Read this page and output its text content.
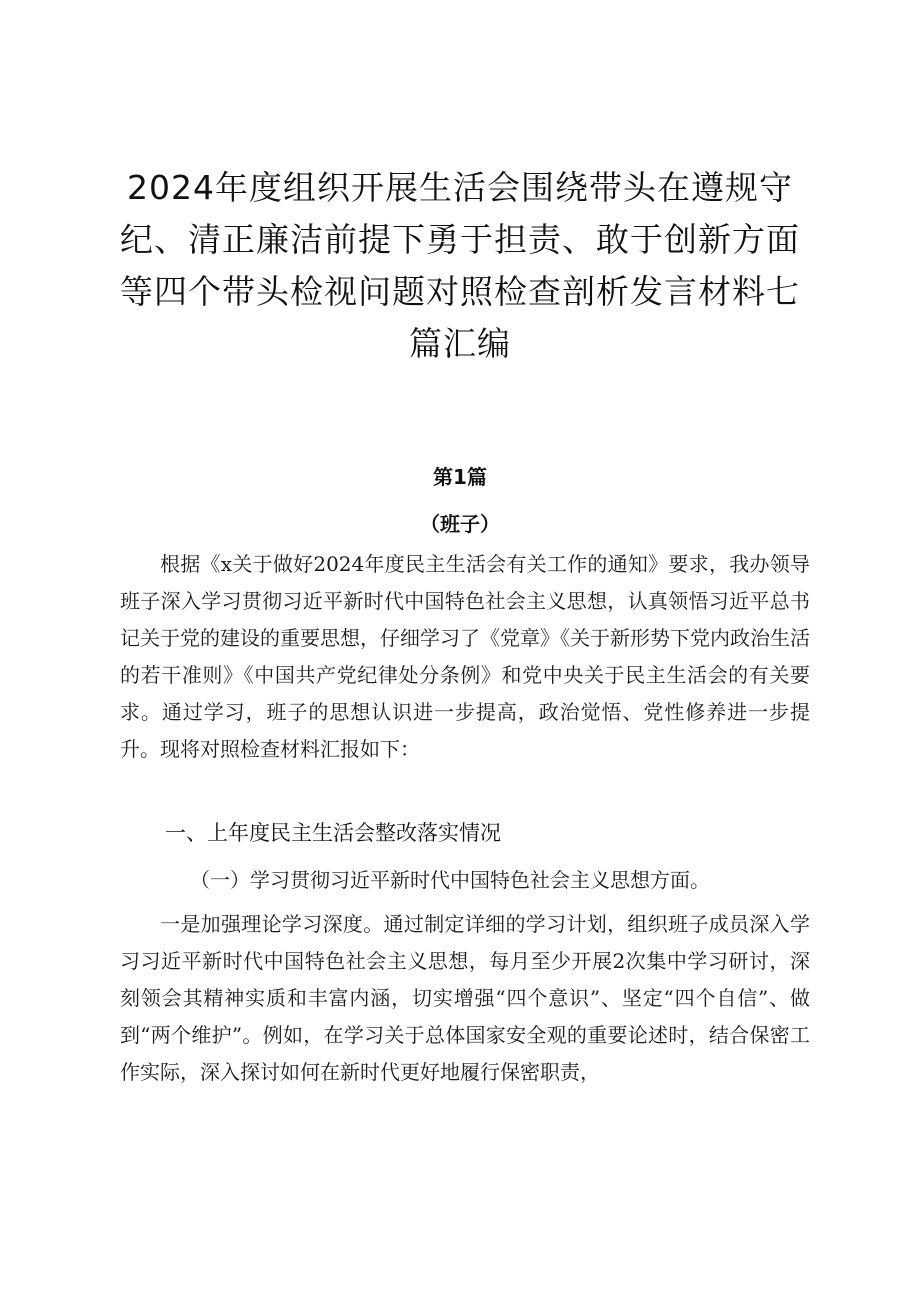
2024年度组织开展生活会围绕带头在遵规守纪、清正廉洁前提下勇于担责、敢于创新方面等四个带头检视问题对照检查剖析发言材料七篇汇编
第1篇
（班子）

根据《x关于做好2024年度民主生活会有关工作的通知》要求，我办领导班子深入学习贯彻习近平新时代中国特色社会主义思想，认真领悟习近平总书记关于党的建设的重要思想，仔细学习了《党章》《关于新形势下党内政治生活的若干准则》《中国共产党纪律处分条例》和党中央关于民主生活会的有关要求。通过学习，班子的思想认识进一步提高，政治觉悟、党性修养进一步提升。现将对照检查材料汇报如下：

一、上年度民主生活会整改落实情况

（一）学习贯彻习近平新时代中国特色社会主义思想方面。

一是加强理论学习深度。通过制定详细的学习计划，组织班子成员深入学习习近平新时代中国特色社会主义思想，每月至少开展2次集中学习研讨，深刻领会其精神实质和丰富内涵，切实增强“四个意识”、坚定“四个自信”、做到“两个维护”。例如，在学习关于总体国家安全观的重要论述时，结合保密工作实际，深入探讨如何在新时代更好地履行保密职责，
